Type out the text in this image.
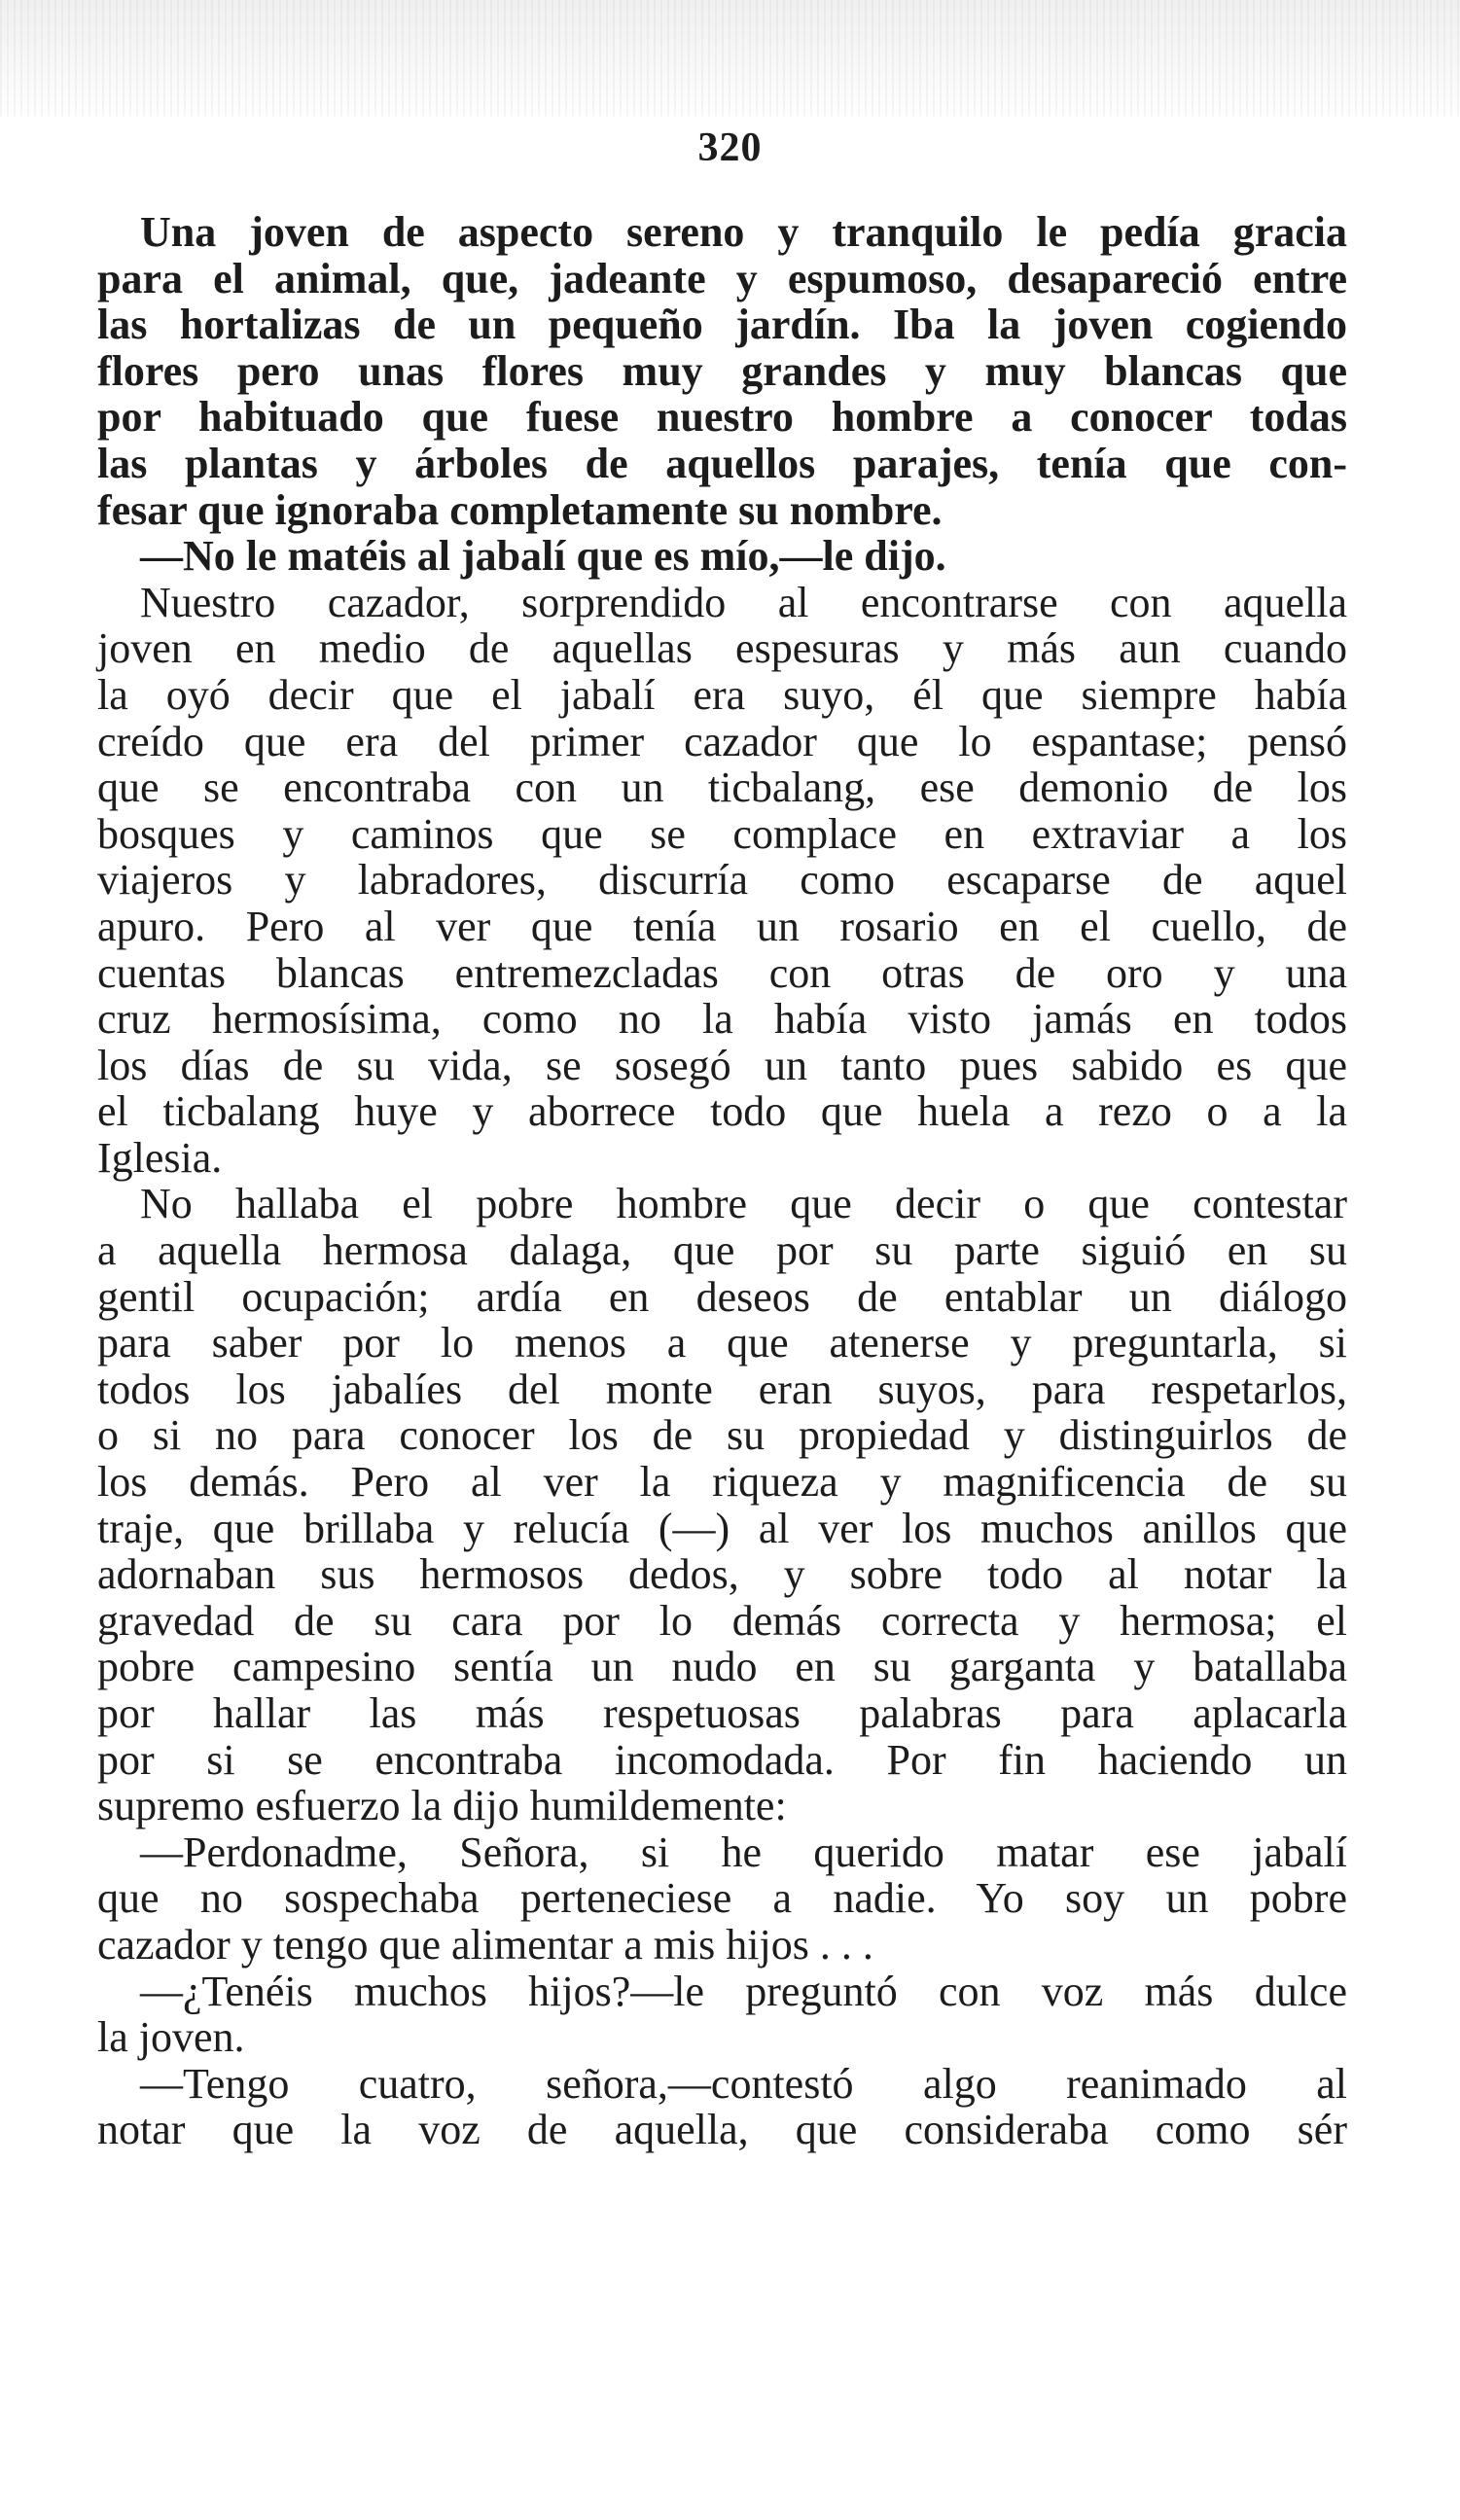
320
Una joven de aspecto sereno y tranquilo le pedía gracia
para el animal, que, jadeante y espumoso, desapareció entre
las hortalizas de un pequeño jardín. Iba la joven cogiendo
flores pero unas flores muy grandes y muy blancas que
por habituado que fuese nuestro hombre a conocer todas
las plantas y árboles de aquellos parajes, tenía que con-
fesar que ignoraba completamente su nombre.
—No le matéis al jabalí que es mío,—le dijo.
Nuestro cazador, sorprendido al encontrarse con aquella
joven en medio de aquellas espesuras y más aun cuando
la oyó decir que el jabalí era suyo, él que siempre había
creído que era del primer cazador que lo espantase; pensó
que se encontraba con un ticbalang, ese demonio de los
bosques y caminos que se complace en extraviar a los
viajeros y labradores, discurría como escaparse de aquel
apuro. Pero al ver que tenía un rosario en el cuello, de
cuentas blancas entremezcladas con otras de oro y una
cruz hermosísima, como no la había visto jamás en todos
los días de su vida, se sosegó un tanto pues sabido es que
el ticbalang huye y aborrece todo que huela a rezo o a la
Iglesia.
No hallaba el pobre hombre que decir o que contestar
a aquella hermosa dalaga, que por su parte siguió en su
gentil ocupación; ardía en deseos de entablar un diálogo
para saber por lo menos a que atenerse y preguntarla, si
todos los jabalíes del monte eran suyos, para respetarlos,
o si no para conocer los de su propiedad y distinguirlos de
los demás. Pero al ver la riqueza y magnificencia de su
traje, que brillaba y relucía (—) al ver los muchos anillos que
adornaban sus hermosos dedos, y sobre todo al notar la
gravedad de su cara por lo demás correcta y hermosa; el
pobre campesino sentía un nudo en su garganta y batallaba
por hallar las más respetuosas palabras para aplacarla
por si se encontraba incomodada. Por fin haciendo un
supremo esfuerzo la dijo humildemente:
—Perdonadme, Señora, si he querido matar ese jabalí
que no sospechaba perteneciese a nadie. Yo soy un pobre
cazador y tengo que alimentar a mis hijos . . .
—¿Tenéis muchos hijos?—le preguntó con voz más dulce
la joven.
—Tengo cuatro, señora,—contestó algo reanimado al
notar que la voz de aquella, que consideraba como sér
